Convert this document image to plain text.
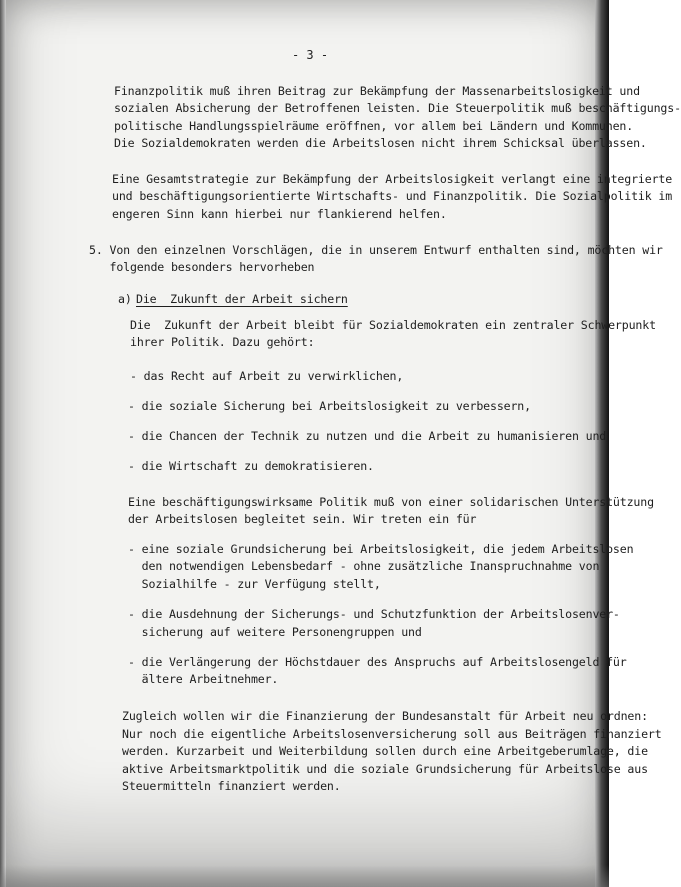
- 3 -
Finanzpolitik muß ihren Beitrag zur Bekämpfung der Massenarbeitslosigkeit und
sozialen Absicherung der Betroffenen leisten. Die Steuerpolitik muß beschäftigungs-
politische Handlungsspielräume eröffnen, vor allem bei Ländern und Kommunen.
Die Sozialdemokraten werden die Arbeitslosen nicht ihrem Schicksal überlassen.
Eine Gesamtstrategie zur Bekämpfung der Arbeitslosigkeit verlangt eine integrierte
und beschäftigungsorientierte Wirtschafts- und Finanzpolitik. Die Sozialpolitik im
engeren Sinn kann hierbei nur flankierend helfen.
5. Von den einzelnen Vorschlägen, die in unserem Entwurf enthalten sind, möchten wir
folgende besonders hervorheben
a) Die  Zukunft der Arbeit sichern
Die  Zukunft der Arbeit bleibt für Sozialdemokraten ein zentraler Schwerpunkt
ihrer Politik. Dazu gehört:
- das Recht auf Arbeit zu verwirklichen,
- die soziale Sicherung bei Arbeitslosigkeit zu verbessern,
- die Chancen der Technik zu nutzen und die Arbeit zu humanisieren und
- die Wirtschaft zu demokratisieren.
Eine beschäftigungswirksame Politik muß von einer solidarischen Unterstützung
der Arbeitslosen begleitet sein. Wir treten ein für
- eine soziale Grundsicherung bei Arbeitslosigkeit, die jedem Arbeitslosen
den notwendigen Lebensbedarf - ohne zusätzliche Inanspruchnahme von
Sozialhilfe - zur Verfügung stellt,
- die Ausdehnung der Sicherungs- und Schutzfunktion der Arbeitslosenver-
sicherung auf weitere Personengruppen und
- die Verlängerung der Höchstdauer des Anspruchs auf Arbeitslosengeld für
ältere Arbeitnehmer.
Zugleich wollen wir die Finanzierung der Bundesanstalt für Arbeit neu ordnen:
Nur noch die eigentliche Arbeitslosenversicherung soll aus Beiträgen finanziert
werden. Kurzarbeit und Weiterbildung sollen durch eine Arbeitgeberumlage, die
aktive Arbeitsmarktpolitik und die soziale Grundsicherung für Arbeitslose aus
Steuermitteln finanziert werden.
